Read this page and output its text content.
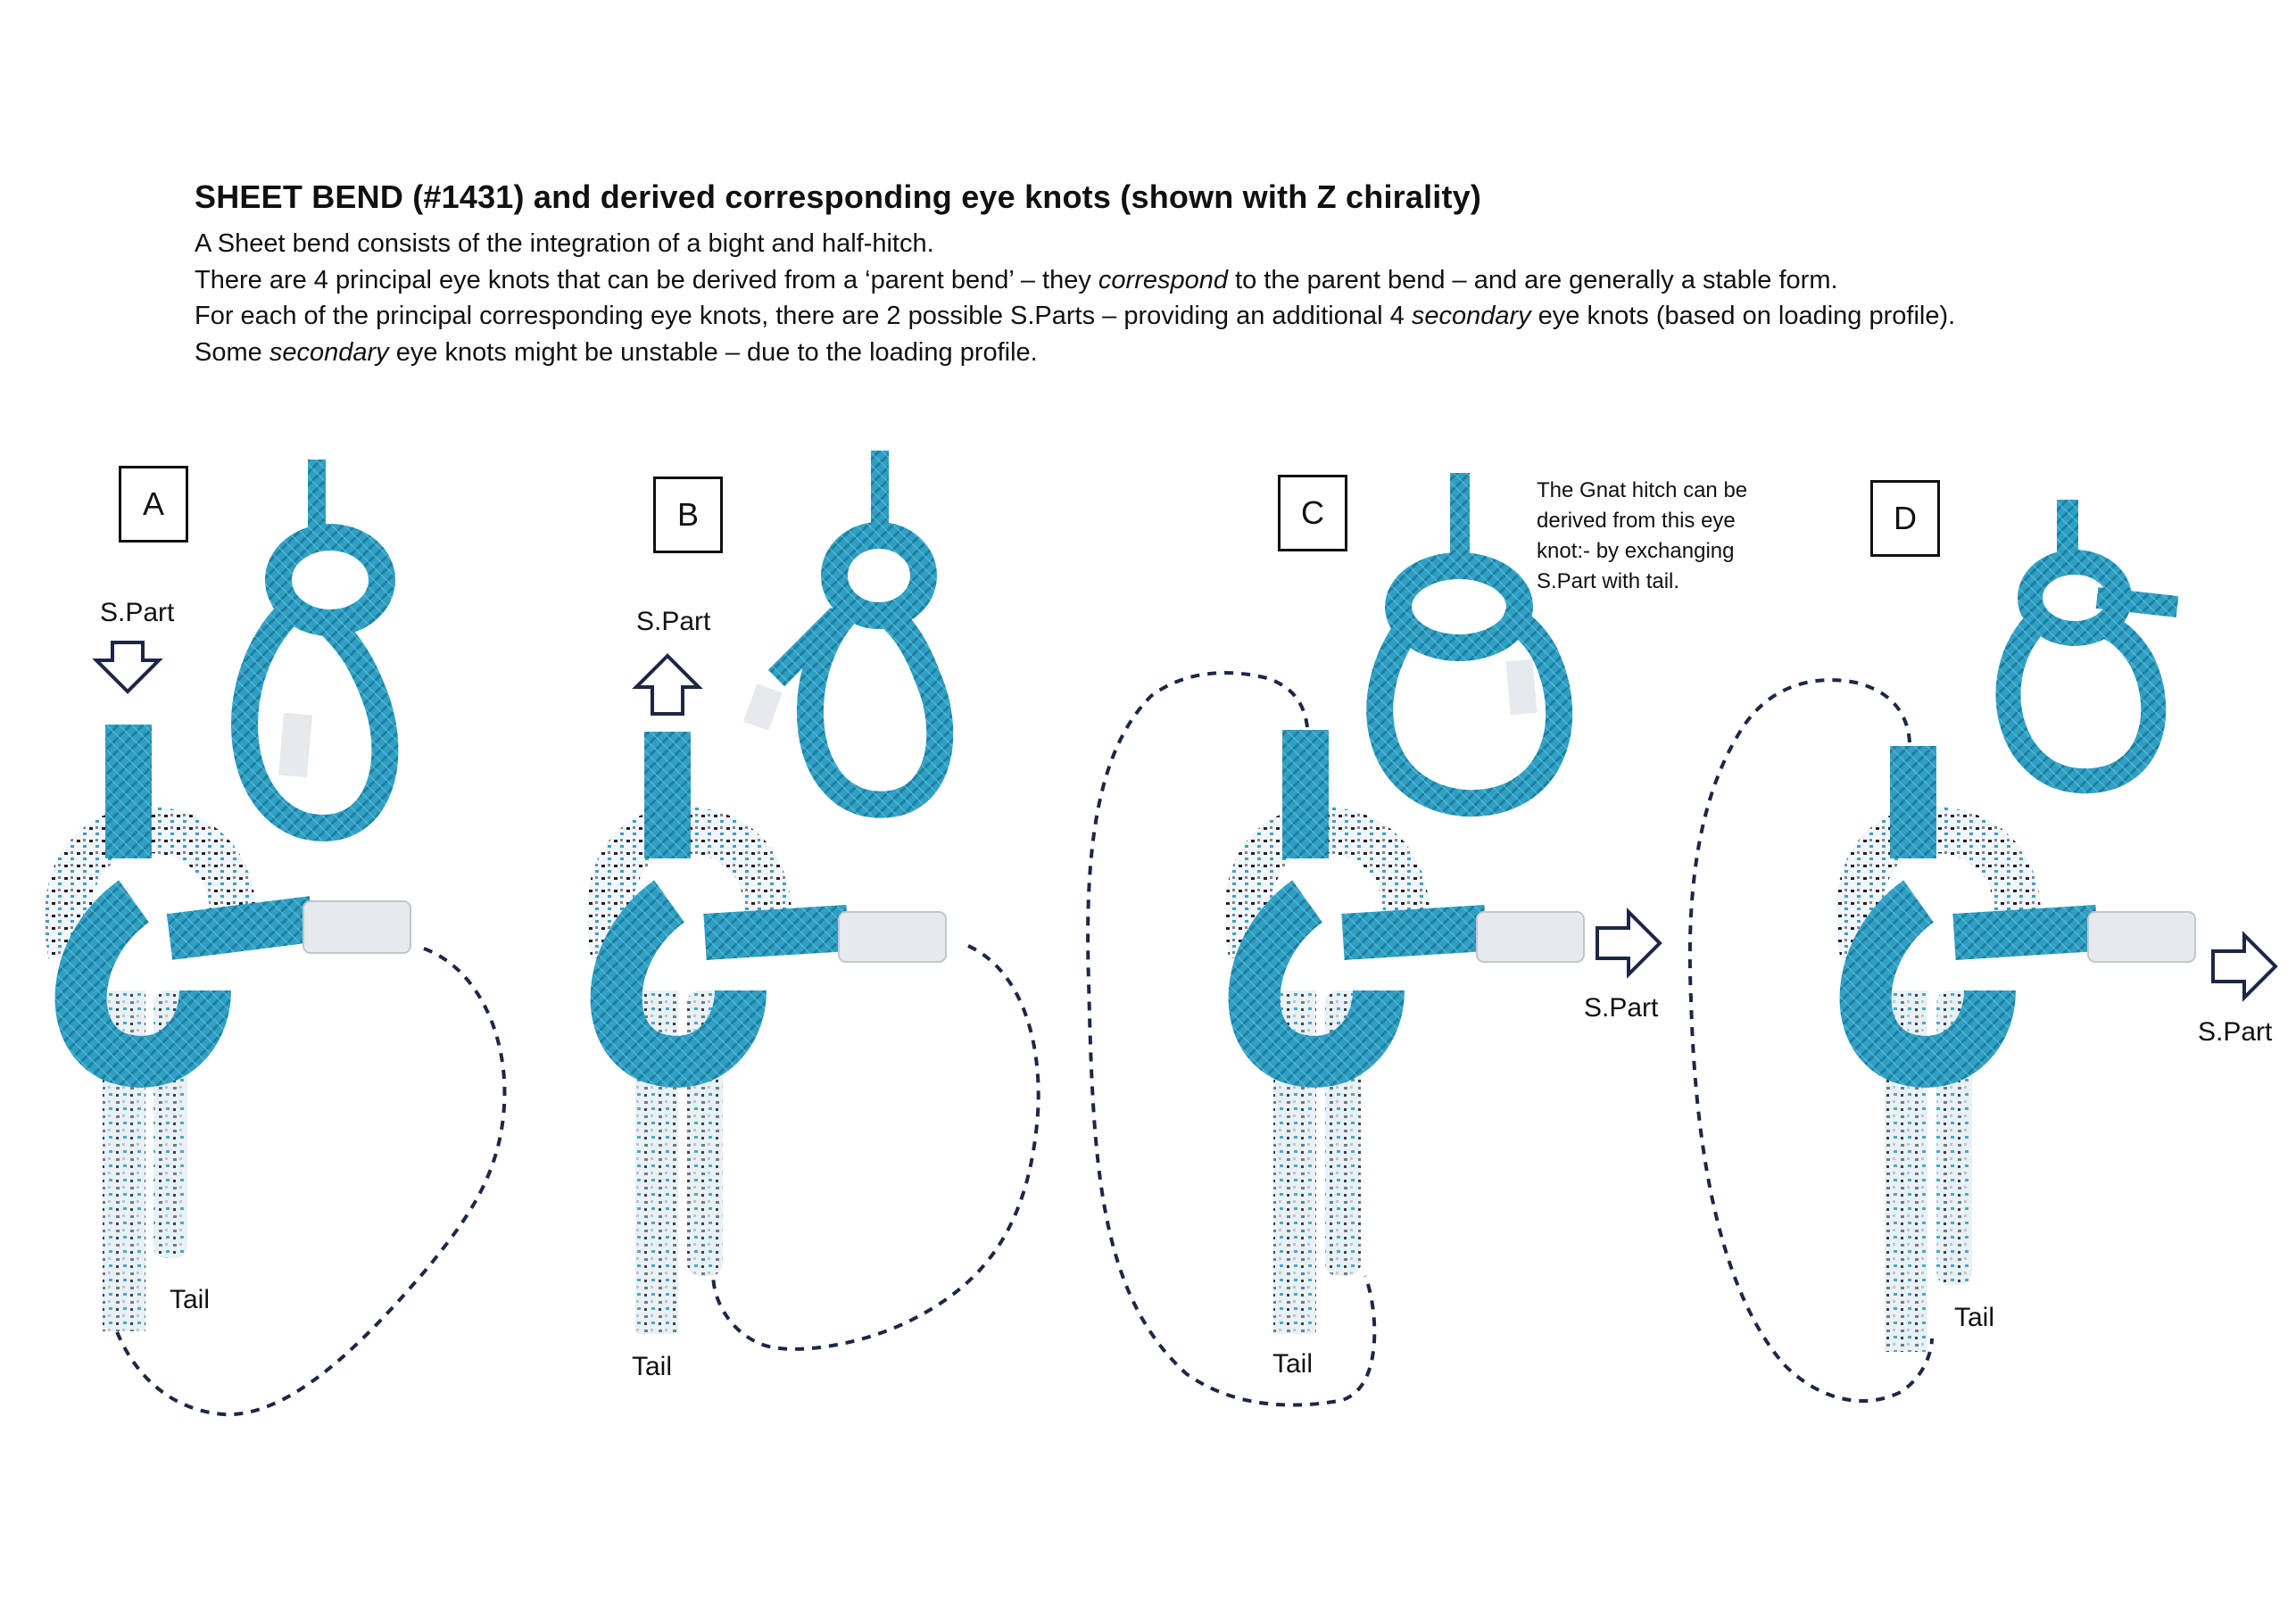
SHEET BEND (#1431) and derived corresponding eye knots (shown with Z chirality)
A Sheet bend consists of the integration of a bight and half-hitch.
There are 4 principal eye knots that can be derived from a ‘parent bend’ – they correspond to the parent bend – and are generally a stable form.
For each of the principal corresponding eye knots, there are 2 possible S.Parts – providing an additional 4 secondary eye knots (based on loading profile).
Some secondary eye knots might be unstable – due to the loading profile.
A
S.Part
Tail
B
S.Part
Tail
C
The Gnat hitch can be derived from this eye knot:- by exchanging S.Part with tail.
S.Part
Tail
D
S.Part
Tail
